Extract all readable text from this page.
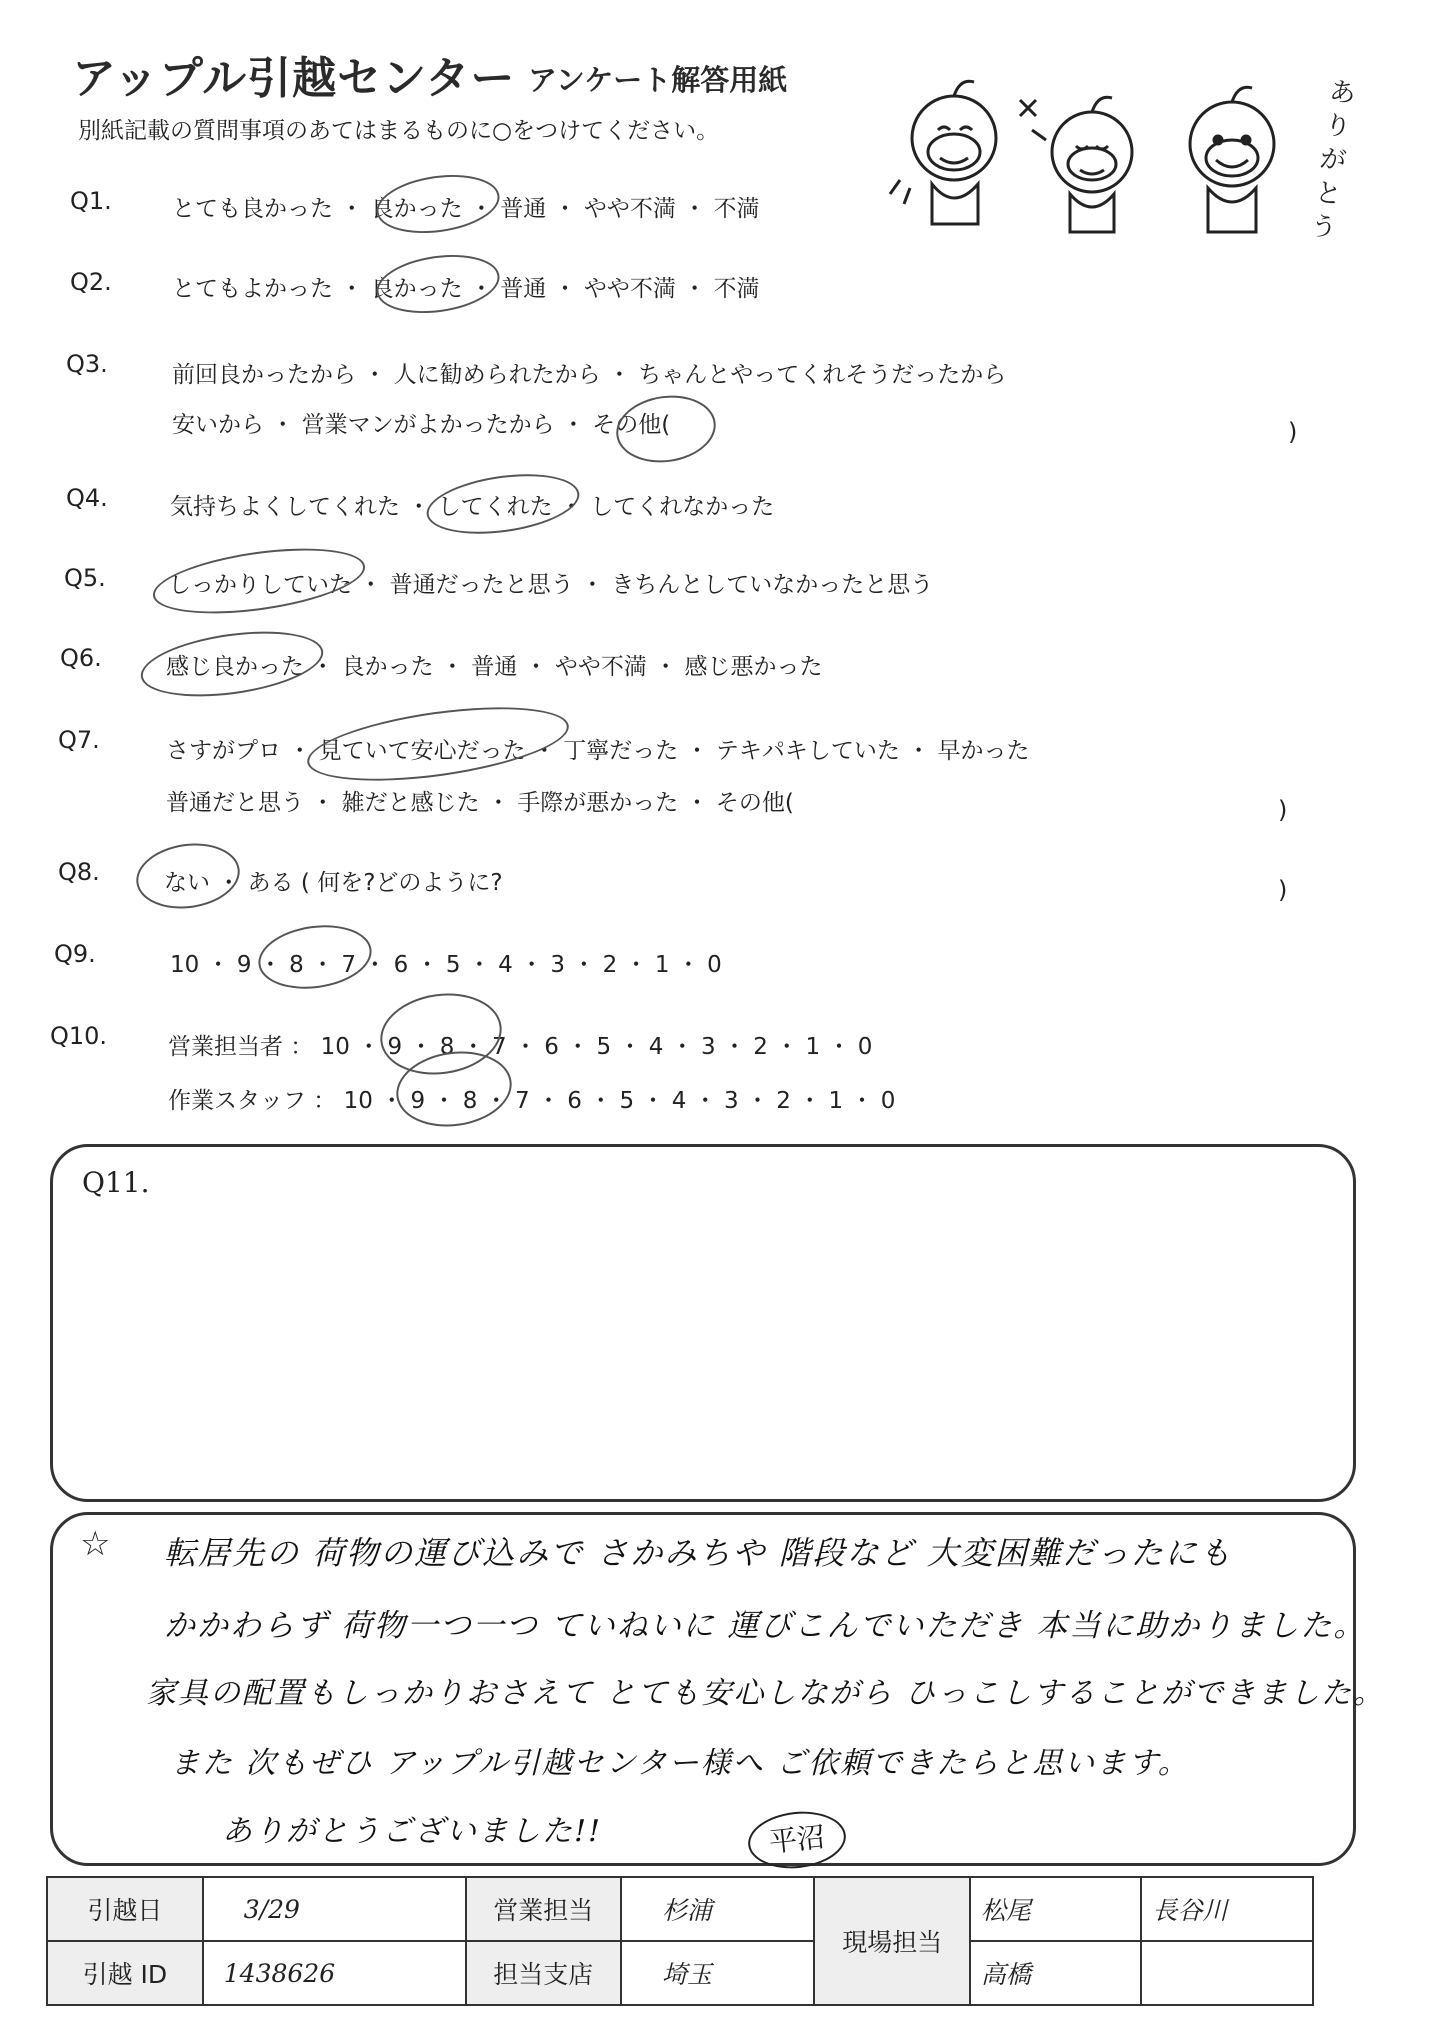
アップル引越センター アンケート解答用紙
別紙記載の質問事項のあてはまるものに○をつけてください。
ありがとう
Q1.	とても良かった ・ 良かった ・ 普通 ・ やや不満 ・ 不満
Q2.	とてもよかった ・ 良かった ・ 普通 ・ やや不満 ・ 不満
Q3.	前回良かったから ・ 人に勧められたから ・ ちゃんとやってくれそうだったから
安いから ・ 営業マンがよかったから ・ その他(	)
Q4.	気持ちよくしてくれた ・ してくれた ・ してくれなかった
Q5.	しっかりしていた ・ 普通だったと思う ・ きちんとしていなかったと思う
Q6.	感じ良かった ・ 良かった ・ 普通 ・ やや不満 ・ 感じ悪かった
Q7.	さすがプロ ・ 見ていて安心だった ・ 丁寧だった ・ テキパキしていた ・ 早かった
普通だと思う ・ 雑だと感じた ・ 手際が悪かった ・ その他(	)
Q8.	ない ・ ある ( 何を?どのように?	)
Q9.	10 ・ 9 ・ 8 ・ 7 ・ 6 ・ 5 ・ 4 ・ 3 ・ 2 ・ 1 ・ 0
Q10.	営業担当者 ： 10 ・ 9 ・ 8 ・ 7 ・ 6 ・ 5 ・ 4 ・ 3 ・ 2 ・ 1 ・ 0
作業スタッフ ： 10 ・ 9 ・ 8 ・ 7 ・ 6 ・ 5 ・ 4 ・ 3 ・ 2 ・ 1 ・ 0
Q11.
☆ 転居先の 荷物の運び込みで さかみちや 階段など 大変困難だったにも
かかわらず 荷物一つ一つ ていねいに 運びこんでいただき 本当に助かりました。
家具の配置もしっかりおさえて とても安心しながら ひっこしすることができました。
また 次もぜひ アップル引越センター様へ ご依頼できたらと思います。
ありがとうございました!!	平沼
引越日	3/29	営業担当	杉浦	現場担当	松尾	長谷川
引越 ID	1438626	担当支店	埼玉		高橋	
